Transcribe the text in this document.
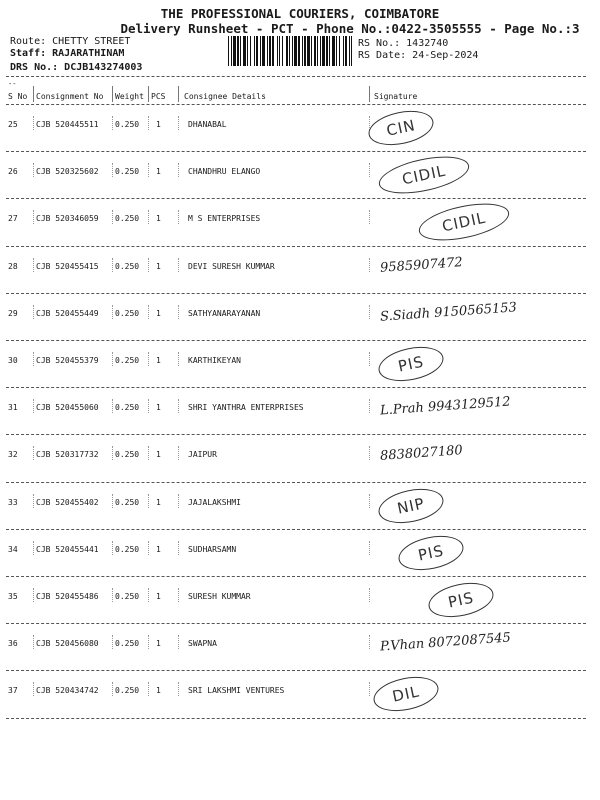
THE PROFESSIONAL COURIERS, COIMBATORE
Delivery Runsheet - PCT - Phone No.:0422-3505555 - Page No.:3
Route: CHETTY STREET
Staff: RAJARATHINAM
DRS No.: DCJB143274003
RS No.: 1432740
RS Date: 24-Sep-2024
--
S No Consignment No Weight PCS Consignee Details	Signature
25 CJB 520445511 0.250 1	DHANABAL	CIN
26 CJB 520325602 0.250 1	CHANDHRU ELANGO	CIDIL
27 CJB 520346059 0.250 1	M S ENTERPRISES	CIDIL
28 CJB 520455415 0.250 1	DEVI SURESH KUMMAR	9585907472
29 CJB 520455449 0.250 1	SATHYANARAYANAN	S.Siadh 9150565153
30 CJB 520455379 0.250 1	KARTHIKEYAN	PIS
31 CJB 520455060 0.250 1	SHRI YANTHRA ENTERPRISES	L.Prah 9943129512
32 CJB 520317732 0.250 1	JAIPUR	8838027180
33 CJB 520455402 0.250 1	JAJALAKSHMI	NIP
34 CJB 520455441 0.250 1	SUDHARSAMN	PIS
35 CJB 520455486 0.250 1	SURESH KUMMAR	PIS
36 CJB 520456080 0.250 1	SWAPNA	P.Vhan 8072087545
37 CJB 520434742 0.250 1	SRI LAKSHMI VENTURES	DIL
